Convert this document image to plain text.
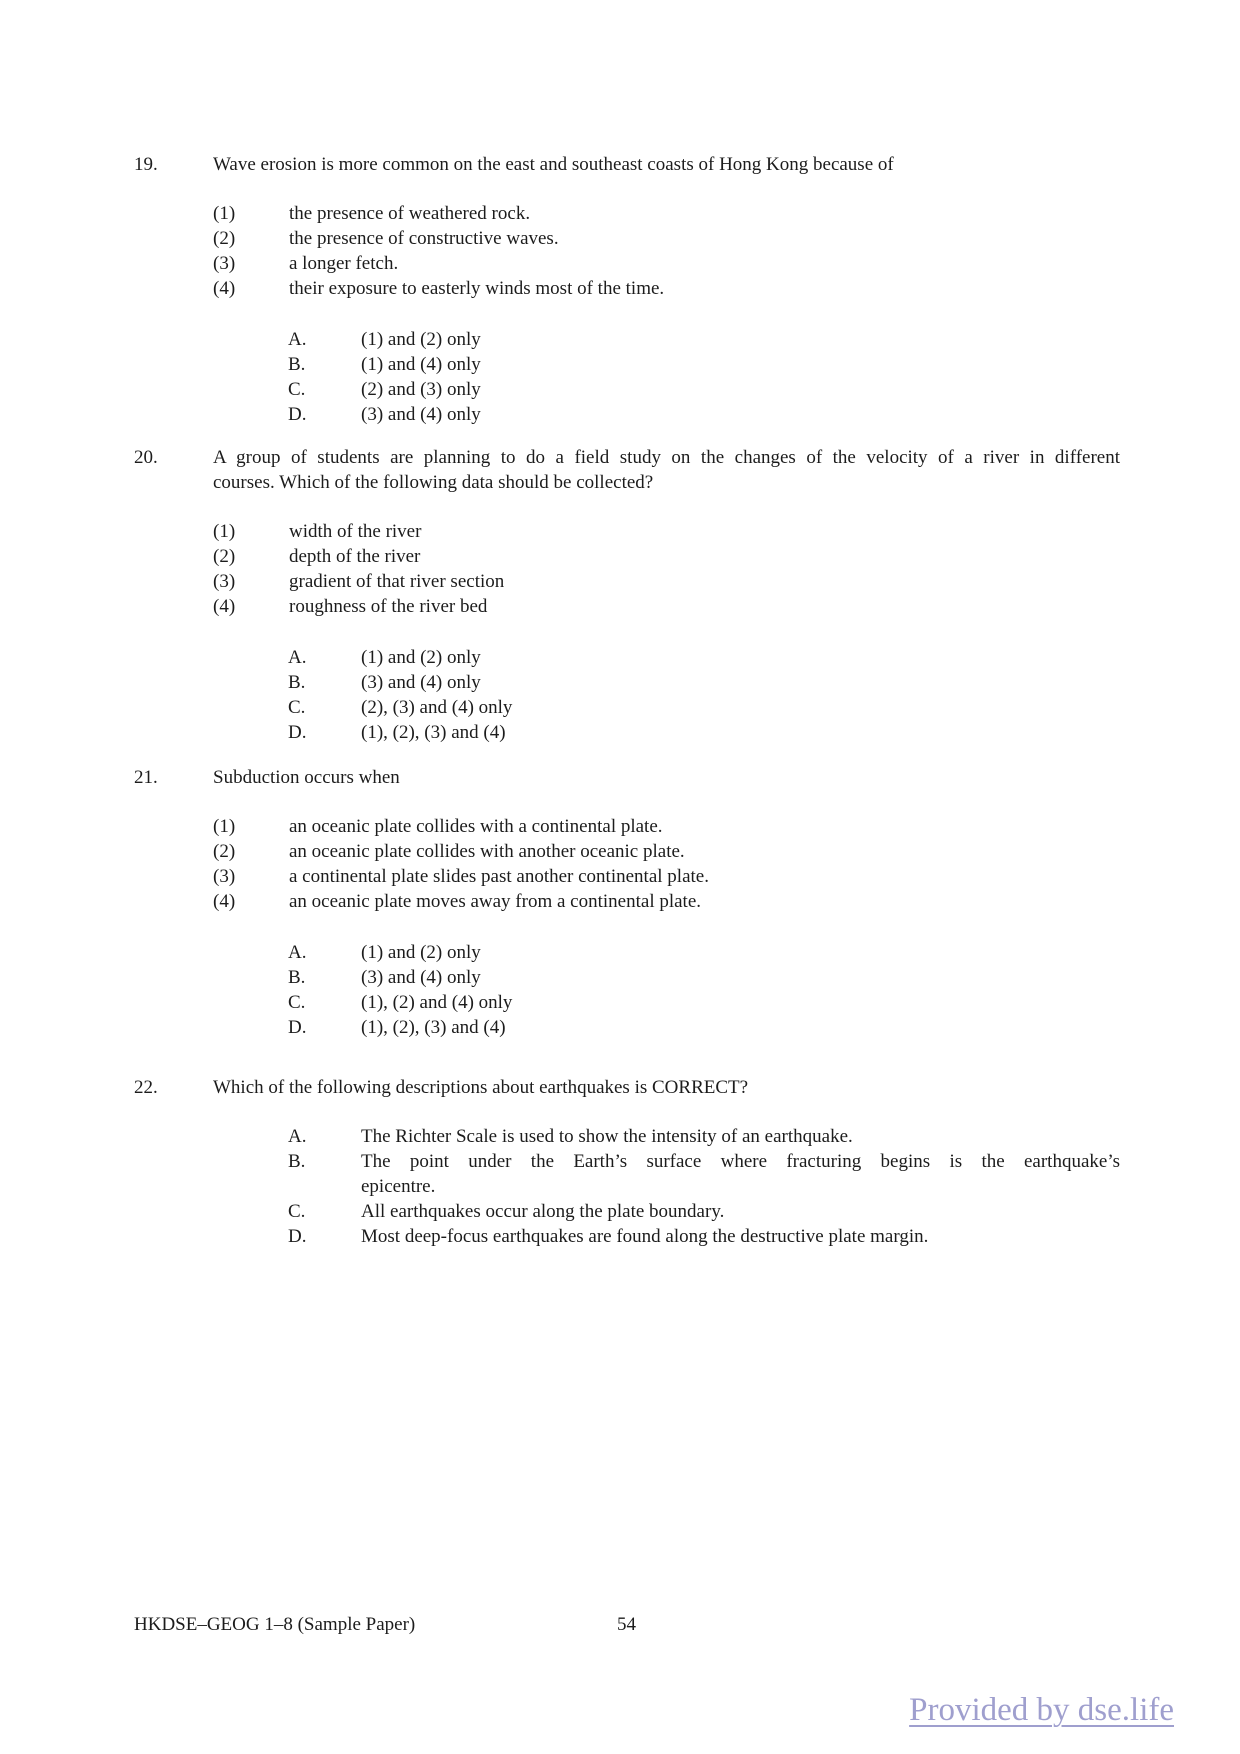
19.	Wave erosion is more common on the east and southeast coasts of Hong Kong because of
(1)	the presence of weathered rock.
(2)	the presence of constructive waves.
(3)	a longer fetch.
(4)	their exposure to easterly winds most of the time.
A.	(1) and (2) only
B.	(1) and (4) only
C.	(2) and (3) only
D.	(3) and (4) only
20.	A group of students are planning to do a field study on the changes of the velocity of a river in different
courses. Which of the following data should be collected?
(1)	width of the river
(2)	depth of the river
(3)	gradient of that river section
(4)	roughness of the river bed
A.	(1) and (2) only
B.	(3) and (4) only
C.	(2), (3) and (4) only
D.	(1), (2), (3) and (4)
21.	Subduction occurs when
(1)	an oceanic plate collides with a continental plate.
(2)	an oceanic plate collides with another oceanic plate.
(3)	a continental plate slides past another continental plate.
(4)	an oceanic plate moves away from a continental plate.
A.	(1) and (2) only
B.	(3) and (4) only
C.	(1), (2) and (4) only
D.	(1), (2), (3) and (4)
22.	Which of the following descriptions about earthquakes is CORRECT?
A.	The Richter Scale is used to show the intensity of an earthquake.
B.	The point under the Earth’s surface where fracturing begins is the earthquake’s
epicentre.
C.	All earthquakes occur along the plate boundary.
D.	Most deep-focus earthquakes are found along the destructive plate margin.
HKDSE–GEOG 1–8 (Sample Paper)	54
Provided by dse.life
